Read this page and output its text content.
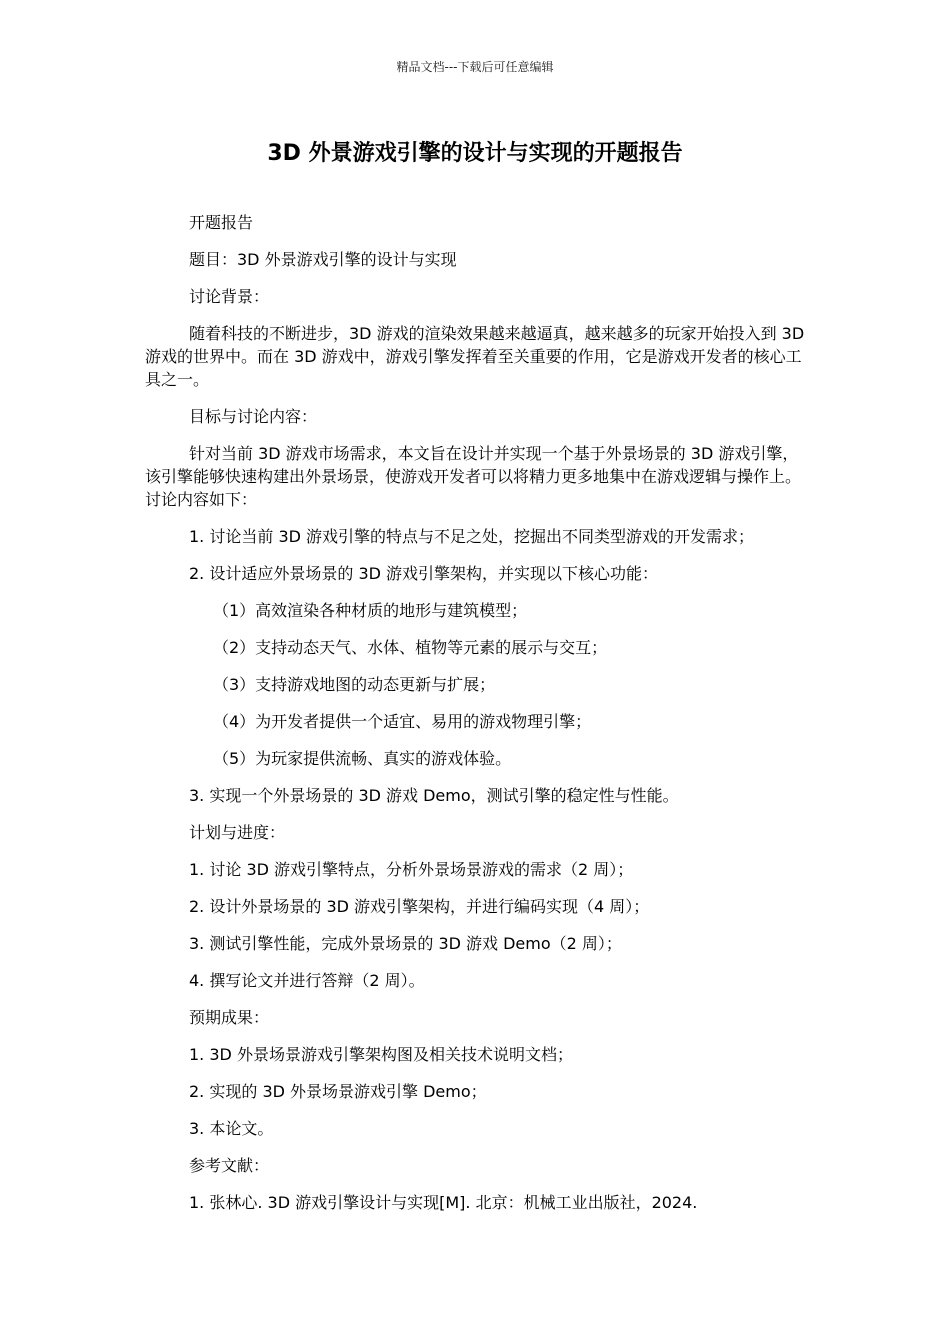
精品文档---下载后可任意编辑
3D 外景游戏引擎的设计与实现的开题报告
开题报告
题目：3D 外景游戏引擎的设计与实现
讨论背景：
随着科技的不断进步，3D 游戏的渲染效果越来越逼真，越来越多的玩家开始投入到 3D 游戏的世界中。而在 3D 游戏中，游戏引擎发挥着至关重要的作用，它是游戏开发者的核心工具之一。
目标与讨论内容：
针对当前 3D 游戏市场需求，本文旨在设计并实现一个基于外景场景的 3D 游戏引擎，该引擎能够快速构建出外景场景，使游戏开发者可以将精力更多地集中在游戏逻辑与操作上。讨论内容如下：
1. 讨论当前 3D 游戏引擎的特点与不足之处，挖掘出不同类型游戏的开发需求；
2. 设计适应外景场景的 3D 游戏引擎架构，并实现以下核心功能：
（1）高效渲染各种材质的地形与建筑模型；
（2）支持动态天气、水体、植物等元素的展示与交互；
（3）支持游戏地图的动态更新与扩展；
（4）为开发者提供一个适宜、易用的游戏物理引擎；
（5）为玩家提供流畅、真实的游戏体验。
3. 实现一个外景场景的 3D 游戏 Demo，测试引擎的稳定性与性能。
计划与进度：
1. 讨论 3D 游戏引擎特点，分析外景场景游戏的需求（2 周）；
2. 设计外景场景的 3D 游戏引擎架构，并进行编码实现（4 周）；
3. 测试引擎性能，完成外景场景的 3D 游戏 Demo（2 周）；
4. 撰写论文并进行答辩（2 周）。
预期成果：
1. 3D 外景场景游戏引擎架构图及相关技术说明文档；
2. 实现的 3D 外景场景游戏引擎 Demo；
3. 本论文。
参考文献：
1. 张林心. 3D 游戏引擎设计与实现[M]. 北京：机械工业出版社，2024.
